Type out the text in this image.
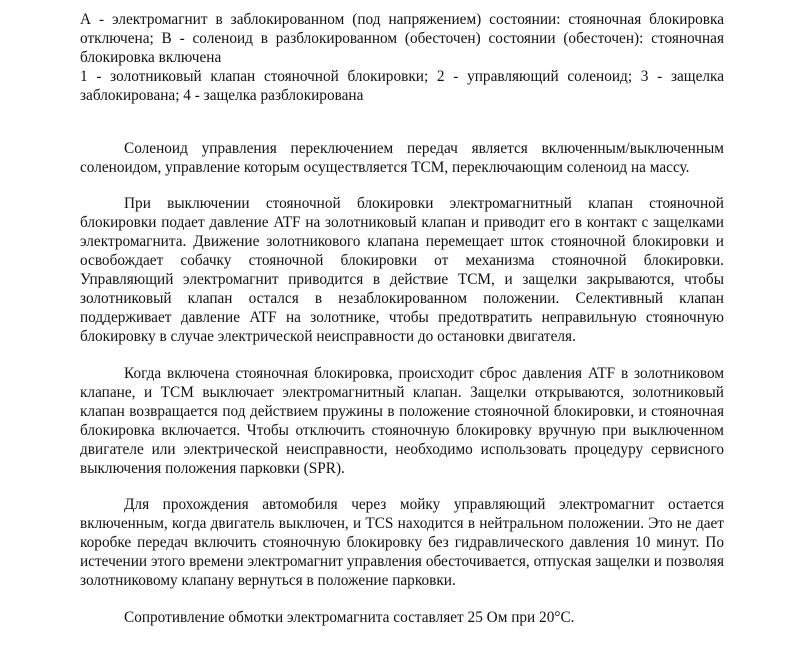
А - электромагнит в заблокированном (под напряжением) состоянии: стояночная блокировка отключена; B - соленоид в разблокированном (обесточен) состоянии (обесточен): стояночная блокировка включена

1 - золотниковый клапан стояночной блокировки; 2 - управляющий соленоид; 3 - защелка заблокирована; 4 - защелка разблокирована

Соленоид управления переключением передач является включенным/выключенным соленоидом, управление которым осуществляется TCM, переключающим соленоид на массу.

При выключении стояночной блокировки электромагнитный клапан стояночной блокировки подает давление ATF на золотниковый клапан и приводит его в контакт с защелками электромагнита. Движение золотникового клапана перемещает шток стояночной блокировки и освобождает собачку стояночной блокировки от механизма стояночной блокировки. Управляющий электромагнит приводится в действие TCM, и защелки закрываются, чтобы золотниковый клапан остался в незаблокированном положении. Селективный клапан поддерживает давление ATF на золотнике, чтобы предотвратить неправильную стояночную блокировку в случае электрической неисправности до остановки двигателя.

Когда включена стояночная блокировка, происходит сброс давления ATF в золотниковом клапане, и TCM выключает электромагнитный клапан. Защелки открываются, золотниковый клапан возвращается под действием пружины в положение стояночной блокировки, и стояночная блокировка включается. Чтобы отключить стояночную блокировку вручную при выключенном двигателе или электрической неисправности, необходимо использовать процедуру сервисного выключения положения парковки (SPR).

Для прохождения автомобиля через мойку управляющий электромагнит остается включенным, когда двигатель выключен, и TCS находится в нейтральном положении. Это не дает коробке передач включить стояночную блокировку без гидравлического давления 10 минут. По истечении этого времени электромагнит управления обесточивается, отпуская защелки и позволяя золотниковому клапану вернуться в положение парковки.

Сопротивление обмотки электромагнита составляет 25 Ом при 20°С.
